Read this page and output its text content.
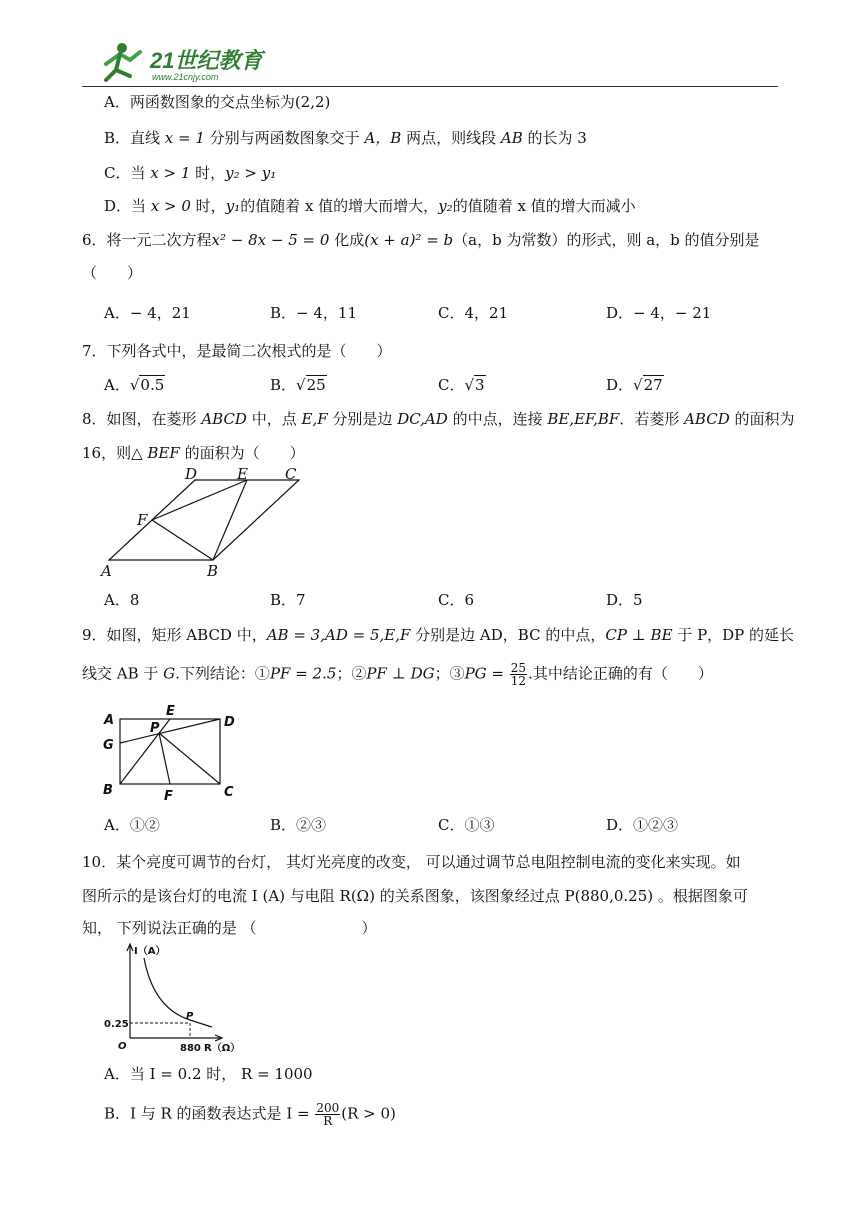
21世纪教育
www.21cnjy.com
A．两函数图象的交点坐标为(2,2)
B．直线 x = 1 分别与两函数图象交于 A，B 两点，则线段 AB 的长为 3
C．当 x > 1 时，y₂ > y₁
D．当 x > 0 时，y₁的值随着 x 值的增大而增大，y₂的值随着 x 值的增大而减小
6．将一元二次方程x² − 8x − 5 = 0 化成(x + a)² = b（a，b 为常数）的形式，则 a，b 的值分别是
（　　）
A．− 4，21	B．− 4，11	C．4，21	D．− 4，− 21
7．下列各式中，是最简二次根式的是（　　）
A．√0.5	B．√25	C．√3	D．√27
8．如图，在菱形 ABCD 中，点 E,F 分别是边 DC,AD 的中点，连接 BE,EF,BF．若菱形 ABCD 的面积为
16，则△ BEF 的面积为（　　）
D	E C
F
A	B
A．8	B．7	C．6	D．5
9．如图，矩形 ABCD 中，AB = 3,AD = 5,E,F 分别是边 AD，BC 的中点，CP ⊥ BE 于 P，DP 的延长
线交 AB 于 G.下列结论：①PF = 2.5；②PF ⊥ DG；③PG = $\frac{25}{12}$ .其中结论正确的有（　　）
A
E
D
P
G
B	F	C
A．①②	B．②③	C．①③	D．①②③
10．某个亮度可调节的台灯， 其灯光亮度的改变， 可以通过调节总电阻控制电流的变化来实现。如
图所示的是该台灯的电流 I (A) 与电阻 R(Ω) 的关系图象，该图象经过点 P(880,0.25) 。根据图象可
知， 下列说法正确的是 （　　　　　　　）
I（A）
R（Ω）
O
0.25
880
P
A．当 I = 0.2 时， R = 1000
B．I 与 R 的函数表达式是 $I = \frac{200}{R} (R > 0)$
